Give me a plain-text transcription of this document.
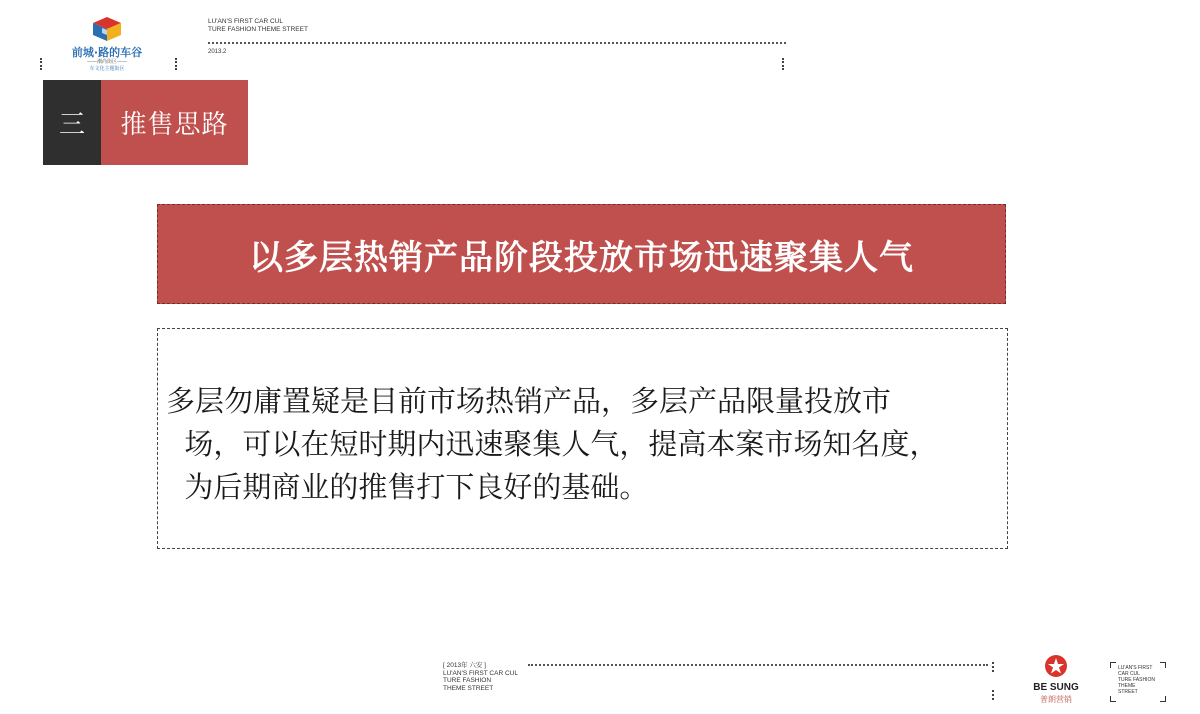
前城·路的车谷
——潮尚街区——
车文化主题街区
LU'AN'S FIRST CAR CUL
TURE FASHION THEME STREET
2013.2
三	推售思路
以多层热销产品阶段投放市场迅速聚集人气
多层勿庸置疑是目前市场热销产品，多层产品限量投放市
场，可以在短时期内迅速聚集人气，提高本案市场知名度，
为后期商业的推售打下良好的基础。
[ 2013年 六安 ]
LU'AN'S FIRST CAR CUL
TURE FASHION
THEME STREET	BE SUNG
普朗营销
LU'AN'S FIRST
CAR CUL
TURE FASHION
THEME
STREET
